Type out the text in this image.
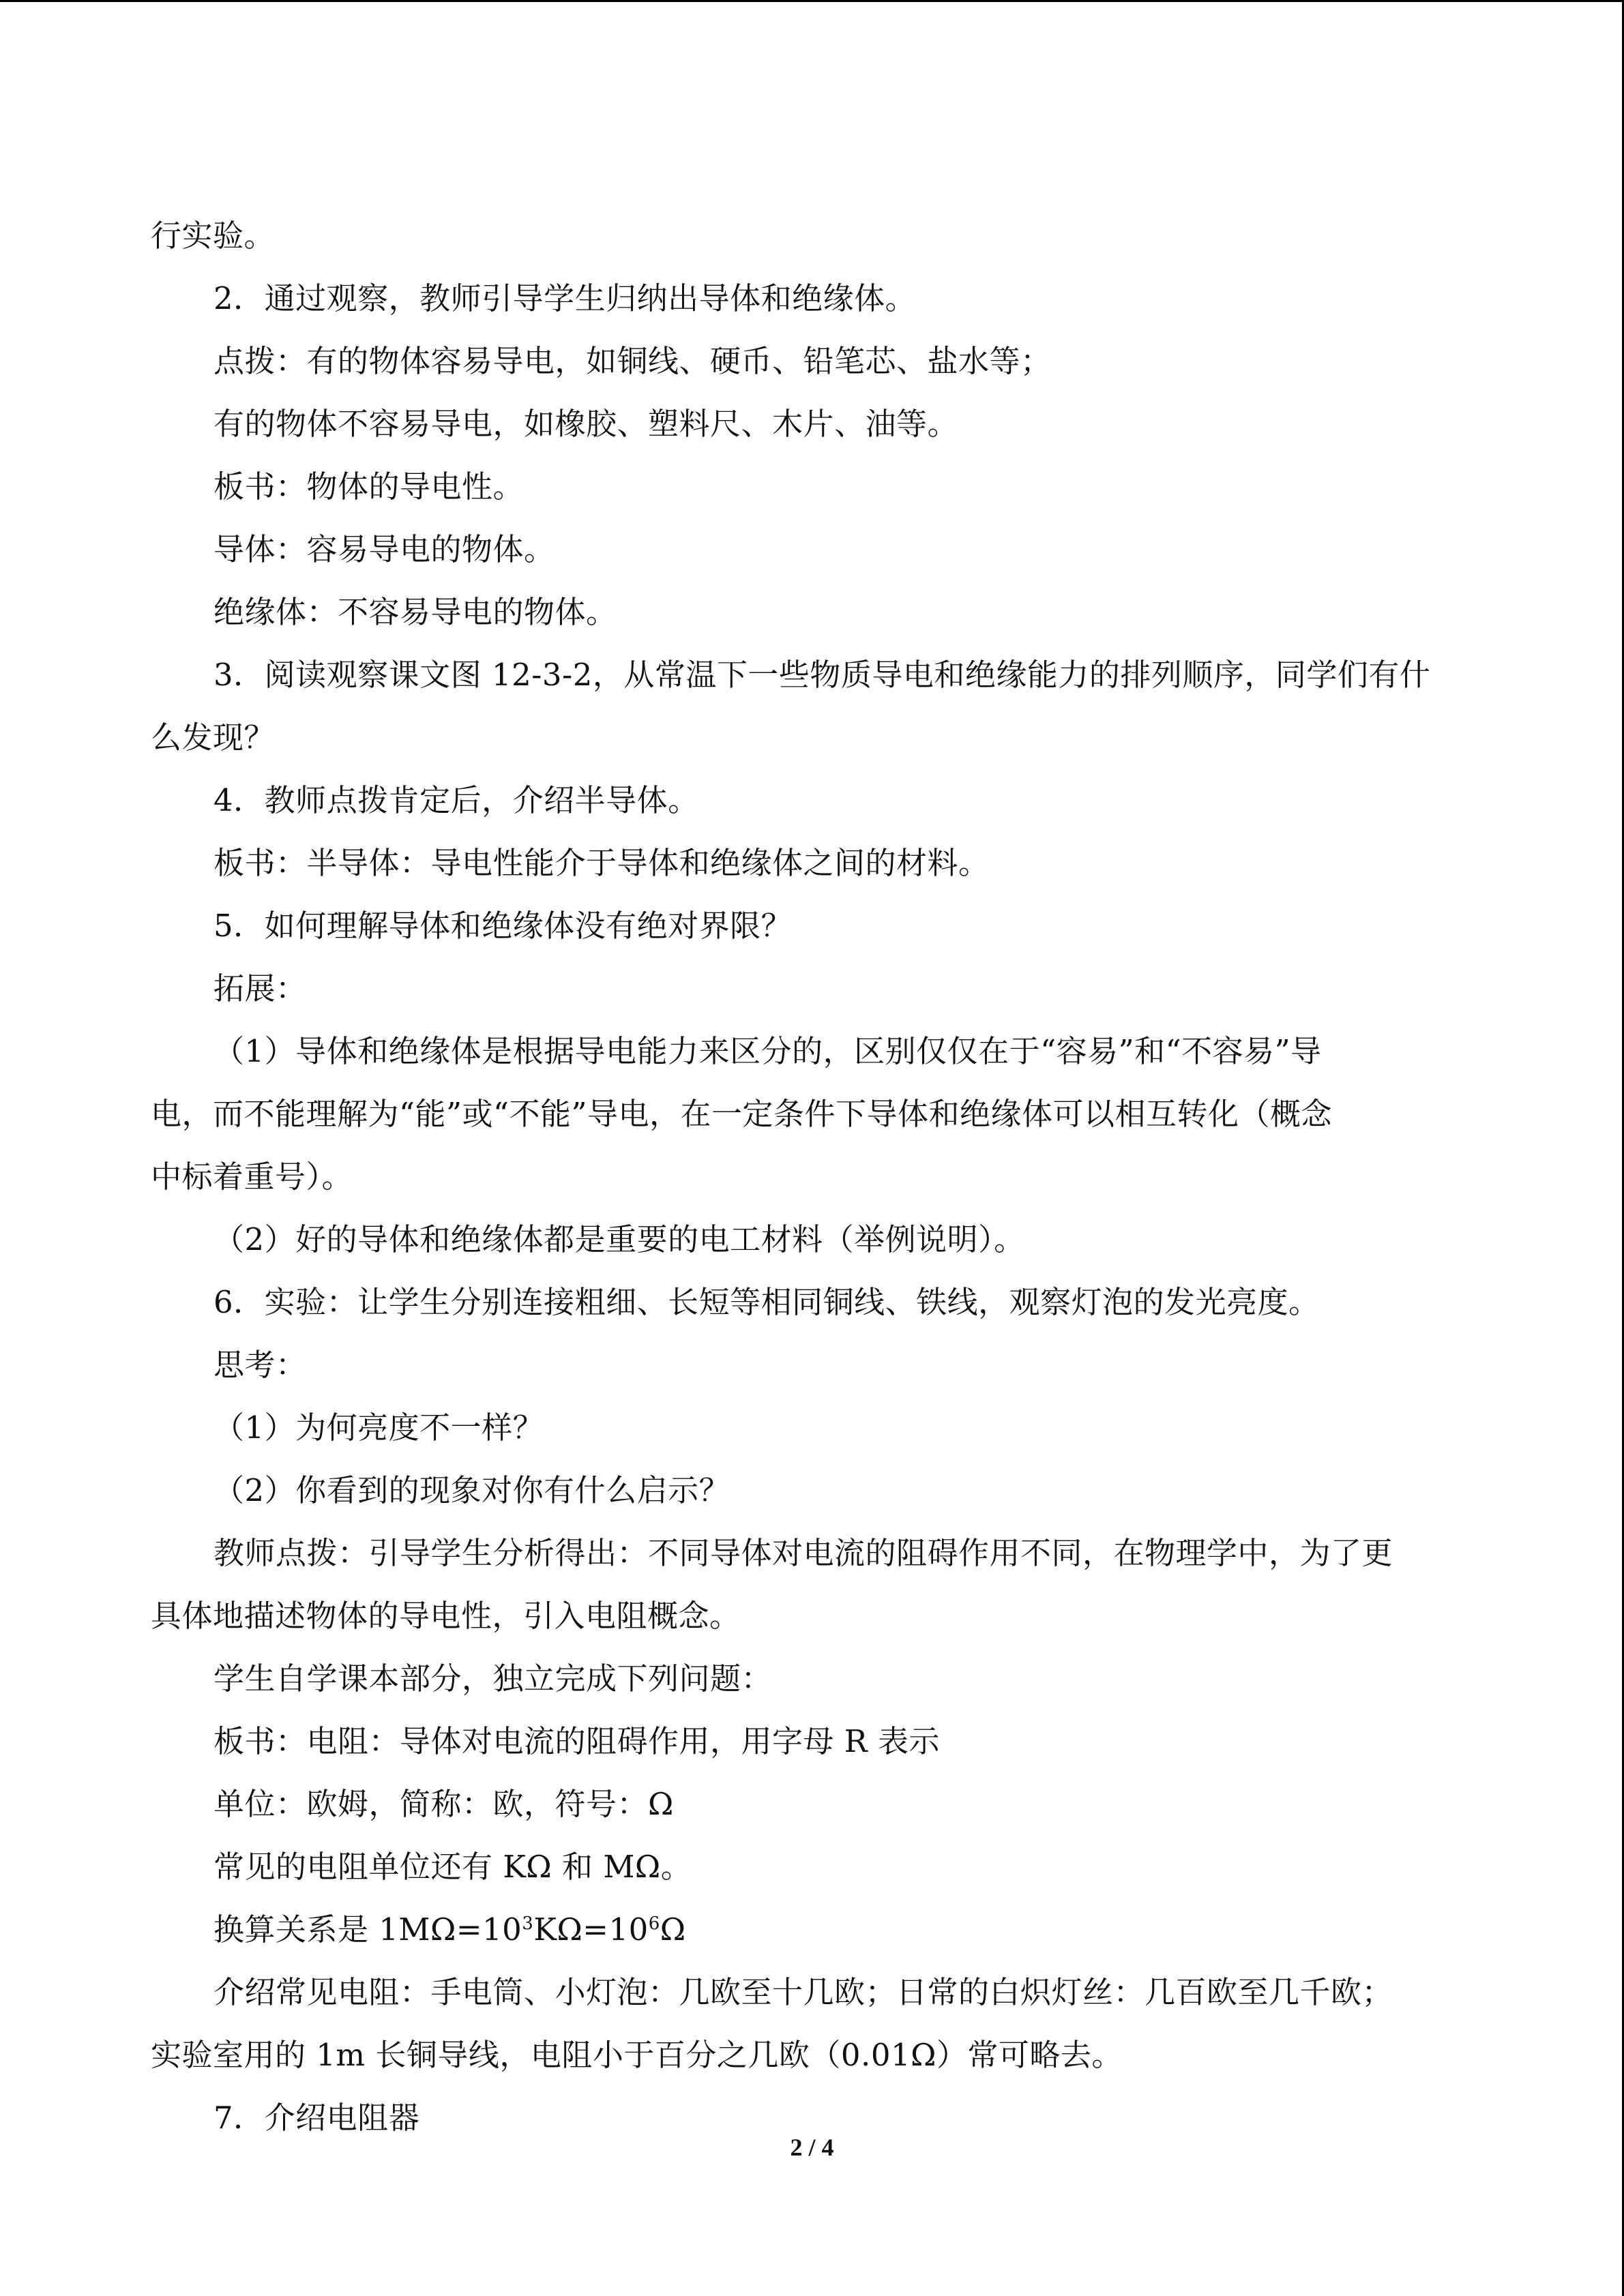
行实验。
2．通过观察，教师引导学生归纳出导体和绝缘体。
点拨：有的物体容易导电，如铜线、硬币、铅笔芯、盐水等；
有的物体不容易导电，如橡胶、塑料尺、木片、油等。
板书：物体的导电性。
导体：容易导电的物体。
绝缘体：不容易导电的物体。
3．阅读观察课文图 12-3-2，从常温下一些物质导电和绝缘能力的排列顺序，同学们有什
么发现？
4．教师点拨肯定后，介绍半导体。
板书：半导体：导电性能介于导体和绝缘体之间的材料。
5．如何理解导体和绝缘体没有绝对界限？
拓展：
（1）导体和绝缘体是根据导电能力来区分的，区别仅仅在于“容易”和“不容易”导
电，而不能理解为“能”或“不能”导电，在一定条件下导体和绝缘体可以相互转化（概念
中标着重号）。
（2）好的导体和绝缘体都是重要的电工材料（举例说明）。
6．实验：让学生分别连接粗细、长短等相同铜线、铁线，观察灯泡的发光亮度。
思考：
（1）为何亮度不一样？
（2）你看到的现象对你有什么启示？
教师点拨：引导学生分析得出：不同导体对电流的阻碍作用不同，在物理学中，为了更
具体地描述物体的导电性，引入电阻概念。
学生自学课本部分，独立完成下列问题：
板书：电阻：导体对电流的阻碍作用，用字母 R 表示
单位：欧姆，简称：欧，符号：Ω
常见的电阻单位还有 KΩ 和 MΩ。
换算关系是 $1M\Omega=10^3K\Omega=10^6\Omega$
介绍常见电阻：手电筒、小灯泡：几欧至十几欧；日常的白炽灯丝：几百欧至几千欧；
实验室用的 1m 长铜导线，电阻小于百分之几欧（0.01Ω）常可略去。
7．介绍电阻器
2 / 4
